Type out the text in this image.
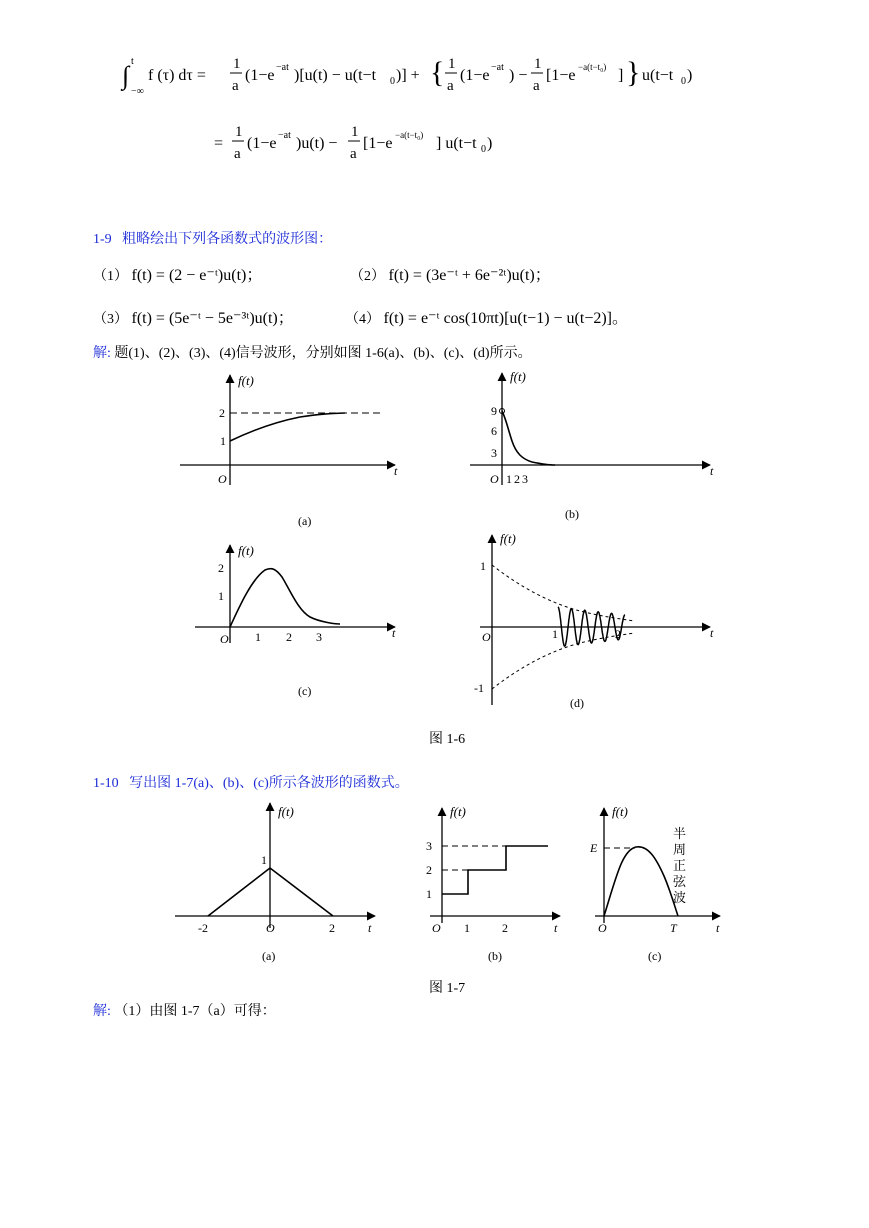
∫ t
−∞
f (τ) dτ =
1
a
(1−e −at )[u(t) − u(t−t 0 )] + { 1
a
(1−e −at ) −
1
a
[1−e −a(t−t₀) ] } u(t−t 0 )
=
1
a
(1−e −at )u(t) −
1
a
[1−e −a(t−t₀) ] u(t−t 0 )
1-9 粗略绘出下列各函数式的波形图：
（1） f(t) = (2 − e⁻ᵗ)u(t)；	（2） f(t) = (3e⁻ᵗ + 6e⁻²ᵗ)u(t)；
（3） f(t) = (5e⁻ᵗ − 5e⁻³ᵗ)u(t)；	（4） f(t) = e⁻ᵗ cos(10πt)[u(t−1) − u(t−2)]。
解: 题(1)、(2)、(3)、(4)信号波形，分别如图 1-6(a)、(b)、(c)、(d)所示。
f(t)
t
O
2
1
(a)
f(t)
t
O
9
6
3
1 2 3
(b)
f(t)
t
O
2
1
1 2 3
(c)
f(t)
t
O
1
-1
1	2
(d)
图 1-6
1-10 写出图 1-7(a)、(b)、(c)所示各波形的函数式。
f(t)
t
1
-2	O	2
(a)
f(t)
3
2
1
O 1	2	t
(b)
f(t)
E
O	T	t
半
周
正
弦
波
(c)
图 1-7
解: （1）由图 1-7（a）可得：
